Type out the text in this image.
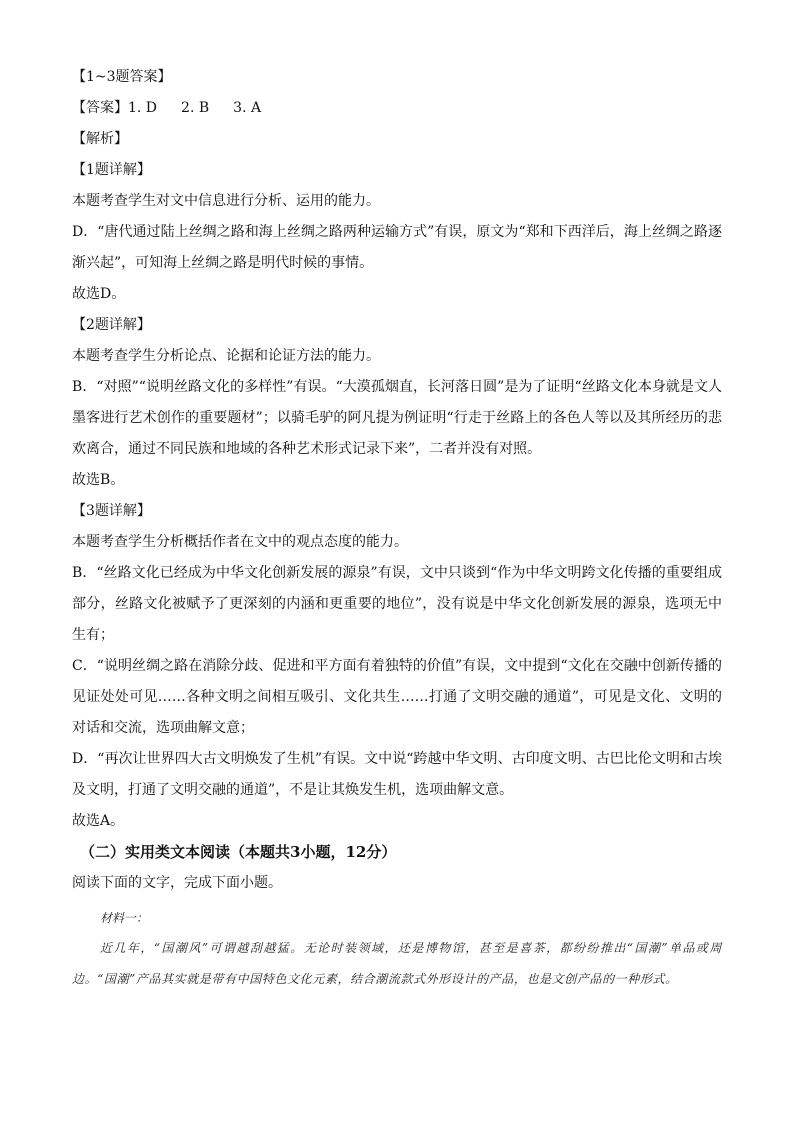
【1~3题答案】
【答案】1. D 2. B 3. A
【解析】
【1题详解】
本题考查学生对文中信息进行分析、运用的能力。
D．“唐代通过陆上丝绸之路和海上丝绸之路两种运输方式”有误，原文为“郑和下西洋后，海上丝绸之路逐渐兴起”，可知海上丝绸之路是明代时候的事情。
故选D。
【2题详解】
本题考查学生分析论点、论据和论证方法的能力。
B．“对照”“说明丝路文化的多样性”有误。“大漠孤烟直，长河落日圆”是为了证明“丝路文化本身就是文人墨客进行艺术创作的重要题材”；以骑毛驴的阿凡提为例证明“行走于丝路上的各色人等以及其所经历的悲欢离合，通过不同民族和地域的各种艺术形式记录下来”，二者并没有对照。
故选B。
【3题详解】
本题考查学生分析概括作者在文中的观点态度的能力。
B．“丝路文化已经成为中华文化创新发展的源泉”有误，文中只谈到“作为中华文明跨文化传播的重要组成部分，丝路文化被赋予了更深刻的内涵和更重要的地位”，没有说是中华文化创新发展的源泉，选项无中生有；
C．“说明丝绸之路在消除分歧、促进和平方面有着独特的价值”有误，文中提到“文化在交融中创新传播的见证处处可见……各种文明之间相互吸引、文化共生……打通了文明交融的通道”，可见是文化、文明的对话和交流，选项曲解文意；
D．“再次让世界四大古文明焕发了生机”有误。文中说“跨越中华文明、古印度文明、古巴比伦文明和古埃及文明，打通了文明交融的通道”，不是让其焕发生机，选项曲解文意。
故选A。
（二）实用类文本阅读（本题共3小题，12分）
阅读下面的文字，完成下面小题。
材料一：
近几年，“国潮风”可谓越刮越猛。无论时装领域，还是博物馆，甚至是喜茶，都纷纷推出“国潮”单品或周边。“国潮”产品其实就是带有中国特色文化元素，结合潮流款式外形设计的产品，也是文创产品的一种形式。
